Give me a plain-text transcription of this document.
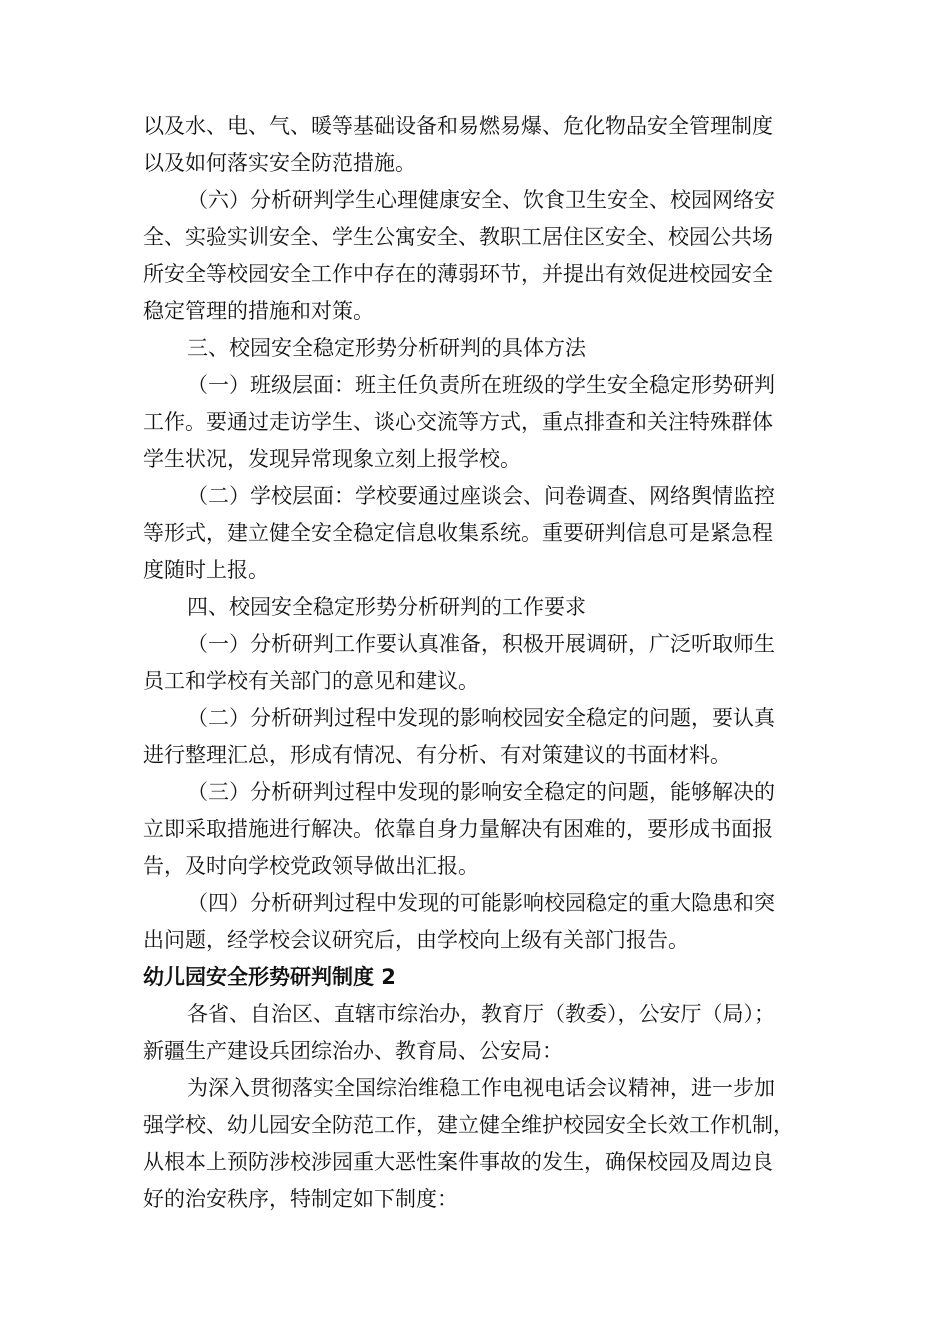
以及水、电、气、暖等基础设备和易燃易爆、危化物品安全管理制度
以及如何落实安全防范措施。
（六）分析研判学生心理健康安全、饮食卫生安全、校园网络安
全、实验实训安全、学生公寓安全、教职工居住区安全、校园公共场
所安全等校园安全工作中存在的薄弱环节，并提出有效促进校园安全
稳定管理的措施和对策。
三、校园安全稳定形势分析研判的具体方法
（一）班级层面：班主任负责所在班级的学生安全稳定形势研判
工作。要通过走访学生、谈心交流等方式，重点排查和关注特殊群体
学生状况，发现异常现象立刻上报学校。
（二）学校层面：学校要通过座谈会、问卷调查、网络舆情监控
等形式，建立健全安全稳定信息收集系统。重要研判信息可是紧急程
度随时上报。
四、校园安全稳定形势分析研判的工作要求
（一）分析研判工作要认真准备，积极开展调研，广泛听取师生
员工和学校有关部门的意见和建议。
（二）分析研判过程中发现的影响校园安全稳定的问题，要认真
进行整理汇总，形成有情况、有分析、有对策建议的书面材料。
（三）分析研判过程中发现的影响安全稳定的问题，能够解决的
立即采取措施进行解决。依靠自身力量解决有困难的，要形成书面报
告，及时向学校党政领导做出汇报。
（四）分析研判过程中发现的可能影响校园稳定的重大隐患和突
出问题，经学校会议研究后，由学校向上级有关部门报告。
幼儿园安全形势研判制度 2
各省、自治区、直辖市综治办，教育厅（教委），公安厅（局）；
新疆生产建设兵团综治办、教育局、公安局：
为深入贯彻落实全国综治维稳工作电视电话会议精神，进一步加
强学校、幼儿园安全防范工作，建立健全维护校园安全长效工作机制，
从根本上预防涉校涉园重大恶性案件事故的发生，确保校园及周边良
好的治安秩序，特制定如下制度：
